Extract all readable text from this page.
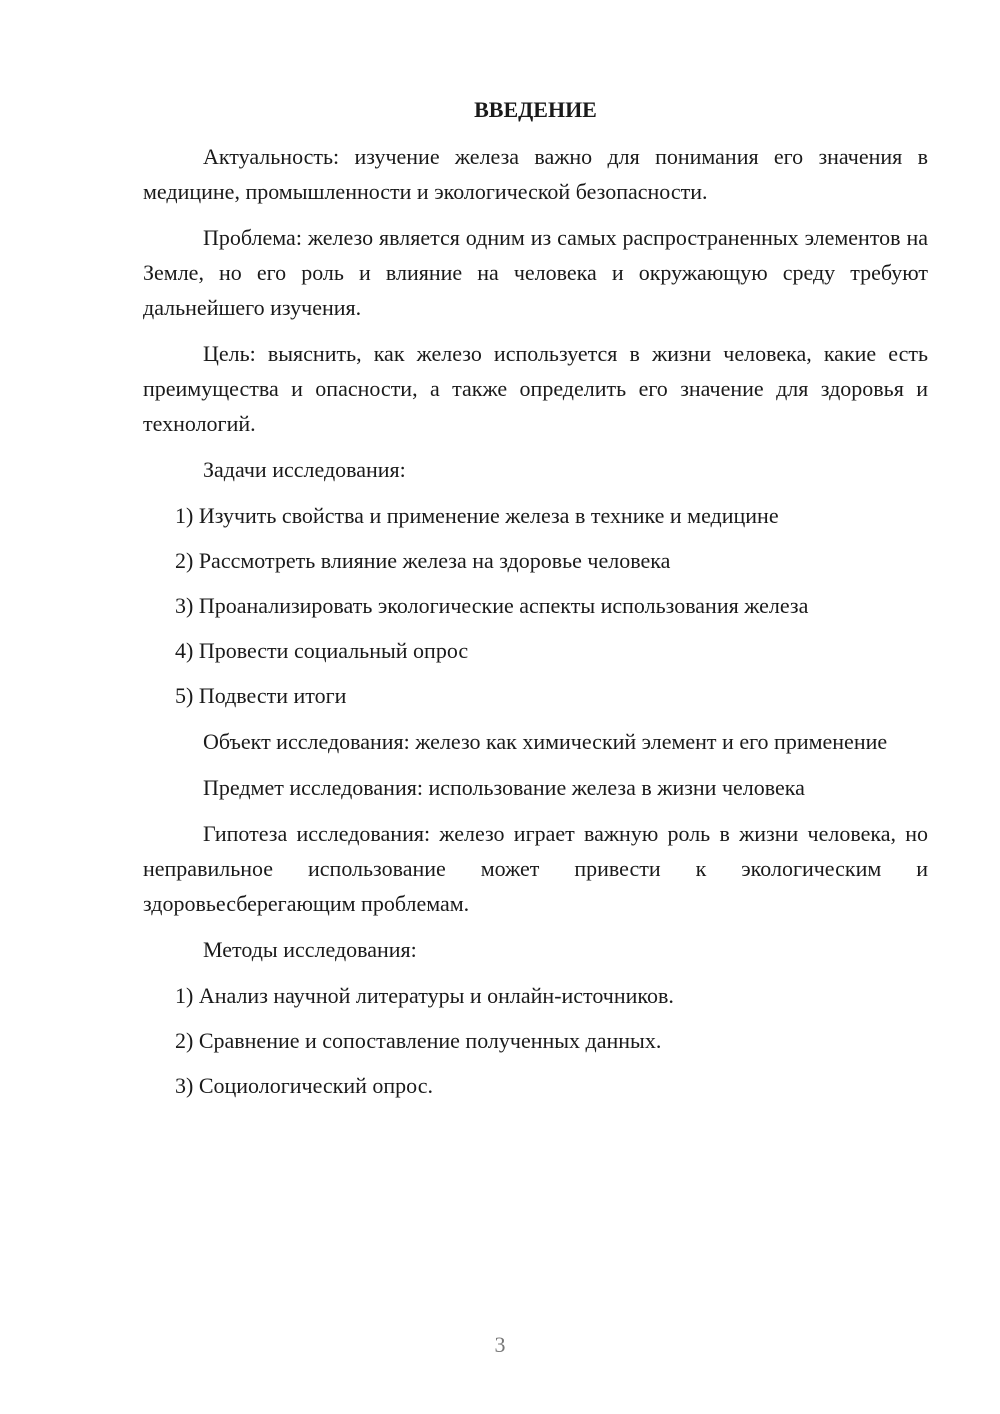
ВВЕДЕНИЕ

Актуальность: изучение железа важно для понимания его значения в медицине, промышленности и экологической безопасности.

Проблема: железо является одним из самых распространенных элементов на Земле, но его роль и влияние на человека и окружающую среду требуют дальнейшего изучения.

Цель: выяснить, как железо используется в жизни человека, какие есть преимущества и опасности, а также определить его значение для здоровья и технологий.

Задачи исследования:

1) Изучить свойства и применение железа в технике и медицине
2) Рассмотреть влияние железа на здоровье человека
3) Проанализировать экологические аспекты использования железа
4) Провести социальный опрос
5) Подвести итоги

Объект исследования: железо как химический элемент и его применение

Предмет исследования: использование железа в жизни человека

Гипотеза исследования: железо играет важную роль в жизни человека, но неправильное использование может привести к экологическим и здоровьесберегающим проблемам.

Методы исследования:

1) Анализ научной литературы и онлайн-источников.
2) Сравнение и сопоставление полученных данных.
3) Социологический опрос.
3
